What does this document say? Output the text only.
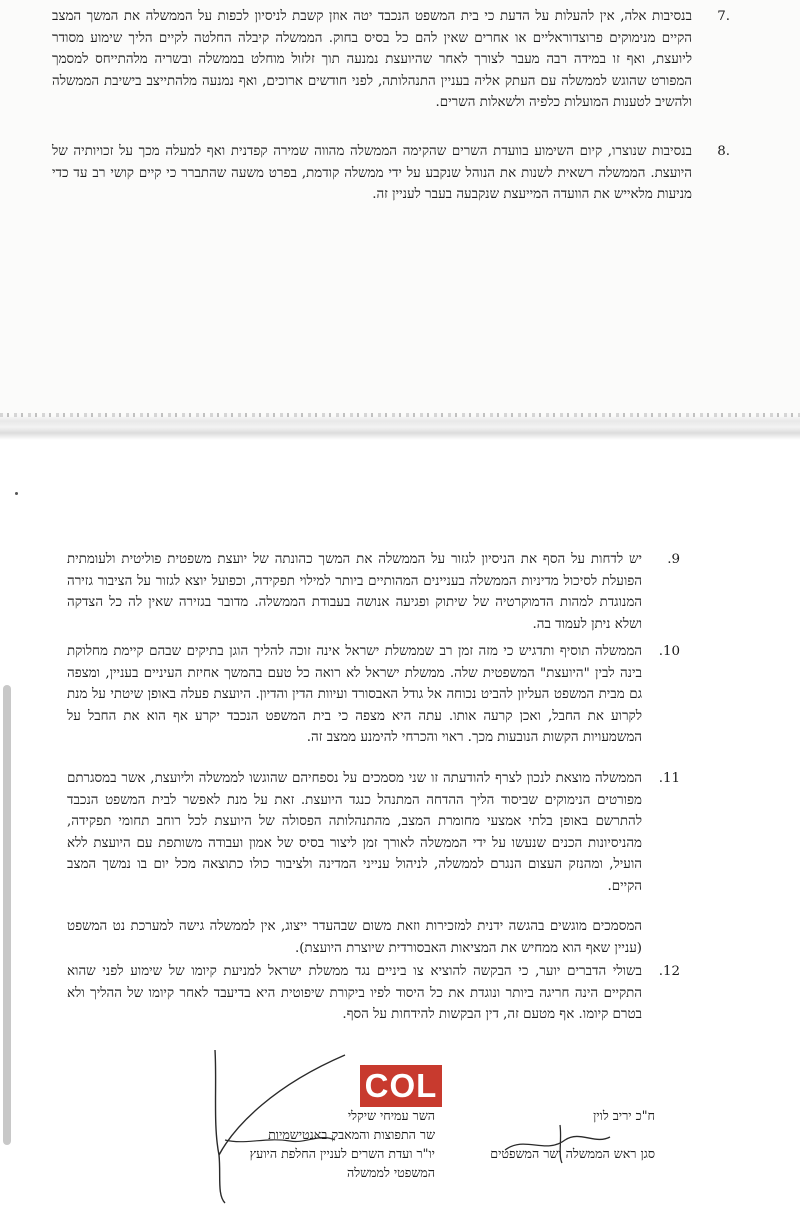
7.
בנסיבות אלה, אין להעלות על הדעת כי בית המשפט הנכבד יטה אוזן קשבת לניסיון לכפות על הממשלה את המשך המצב הקיים מנימוקים פרוצדוראליים או אחרים שאין להם כל בסיס בחוק. הממשלה קיבלה החלטה לקיים הליך שימוע מסודר ליועצת, ואף זו במידה רבה מעבר לצורך לאחר שהיועצת נמנעה תוך זלזול מוחלט בממשלה ובשריה מלהתייחס למסמך המפורט שהוגש לממשלה עם העתק אליה בעניין התנהלותה, לפני חודשים ארוכים, ואף נמנעה מלהתייצב בישיבת הממשלה ולהשיב לטענות המועלות כלפיה ולשאלות השרים.
8.
בנסיבות שנוצרו, קיום השימוע בוועדת השרים שהקימה הממשלה מהווה שמירה קפדנית ואף למעלה מכך על זכויותיה של היועצת. הממשלה רשאית לשנות את הנוהל שנקבע על ידי ממשלה קודמת, בפרט משעה שהתברר כי קיים קושי רב עד כדי מניעות מלאייש את הוועדה המייעצת שנקבעה בעבר לעניין זה.
.9
יש לדחות על הסף את הניסיון לגזור על הממשלה את המשך כהונתה של יועצת משפטית פוליטית ולעומתית הפועלת לסיכול מדיניות הממשלה בעניינים המהותיים ביותר למילוי תפקידה, וכפועל יוצא לגזור על הציבור גזירה המנוגדת למהות הדמוקרטיה של שיתוק ופגיעה אנושה בעבודת הממשלה. מדובר בגזירה שאין לה כל הצדקה ושלא ניתן לעמוד בה.
.10
הממשלה תוסיף ותדגיש כי מזה זמן רב שממשלת ישראל אינה זוכה להליך הוגן בתיקים שבהם קיימת מחלוקת בינה לבין "היועצת" המשפטית שלה. ממשלת ישראל לא רואה כל טעם בהמשך אחיזת העיניים בעניין, ומצפה גם מבית המשפט העליון להביט נכוחה אל גודל האבסורד ועיוות הדין והדיון. היועצת פעלה באופן שיטתי על מנת לקרוע את החבל, ואכן קרעה אותו. עתה היא מצפה כי בית המשפט הנכבד יקרע אף הוא את החבל על המשמעויות הקשות הנובעות מכך. ראוי והכרחי להימנע ממצב זה.
.11
הממשלה מוצאת לנכון לצרף להודעתה זו שני מסמכים על נספחיהם שהוגשו לממשלה וליועצת, אשר במסגרתם מפורטים הנימוקים שביסוד הליך ההדחה המתנהל כנגד היועצת. זאת על מנת לאפשר לבית המשפט הנכבד להתרשם באופן בלתי אמצעי מחומרת המצב, מהתנהלותה הפסולה של היועצת לכל רוחב תחומי תפקידה, מהניסיונות הכנים שנעשו על ידי הממשלה לאורך זמן ליצור בסיס של אמון ועבודה משותפת עם היועצת ללא הועיל, ומהנזק העצום הנגרם לממשלה, לניהול ענייני המדינה ולציבור כולו כתוצאה מכל יום בו נמשך המצב הקיים.
המסמכים מוגשים בהגשה ידנית למזכירות וזאת משום שבהעדר ייצוג, אין לממשלה גישה למערכת נט המשפט (עניין שאף הוא ממחיש את המציאות האבסורדית שיוצרת היועצת).
.12
בשולי הדברים יוער, כי הבקשה להוציא צו ביניים נגד ממשלת ישראל למניעת קיומו של שימוע לפני שהוא התקיים הינה חריגה ביותר ונוגדת את כל היסוד לפיו ביקורת שיפוטית היא בדיעבד לאחר קיומו של ההליך ולא בטרם קיומו. אף מטעם זה, דין הבקשות להידחות על הסף.
COL
השר עמיחי שיקלי
שר התפוצות והמאבק באנטישמיות
יו"ר ועדת השרים לעניין החלפת היועץ
המשפטי לממשלה
ח"כ יריב לוין
סגן ראש הממשלה ושר המשפטים
